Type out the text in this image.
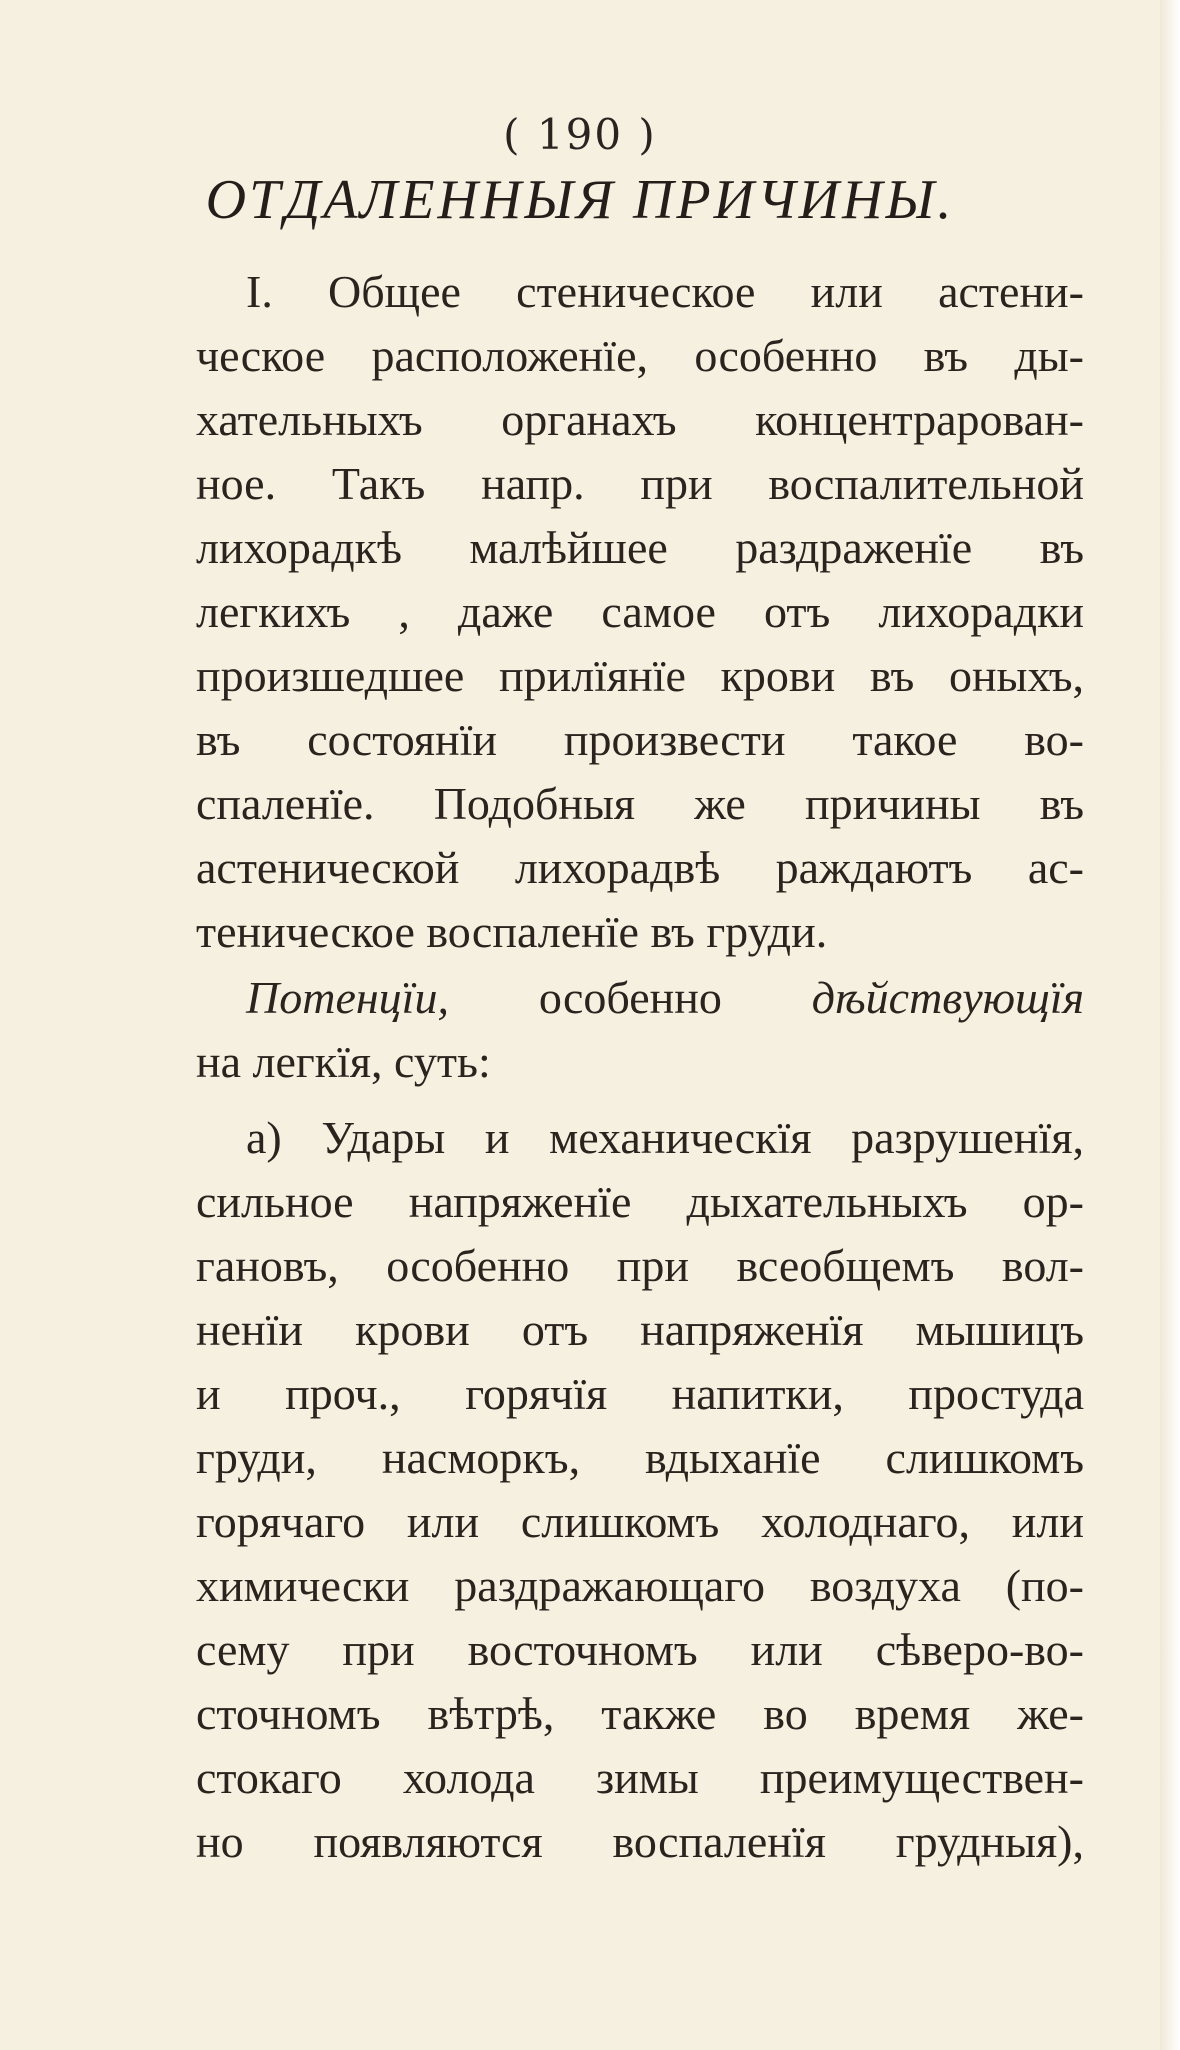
( 190 )
ОТДАЛЕННЫЯ ПРИЧИНЫ.
I. Общее стеническое или астени-
ческое расположенїе, особенно въ ды-
хательныхъ органахъ концентрарован-
ное. Такъ напр. при воспалительной
лихорадкѣ малѣйшее раздраженїе въ
легкихъ , даже самое отъ лихорадки
произшедшее прилїянїе крови въ оныхъ,
въ состоянїи произвести такое во-
спаленїе. Подобныя же причины въ
астенической лихорадвѣ раждаютъ ас-
теническое воспаленїе въ груди.
Потенцїи, особенно дѣйствующїя
на легкїя, суть:
а) Удары и механическїя разрушенїя,
сильное напряженїе дыхательныхъ ор-
гановъ, особенно при всеобщемъ вол-
ненїи крови отъ напряженїя мышицъ
и проч., горячїя напитки, простуда
груди, насморкъ, вдыханїе слишкомъ
горячаго или слишкомъ холоднаго, или
химически раздражающаго воздуха (по-
сему при восточномъ или сѣверо-во-
сточномъ вѣтрѣ, также во время же-
стокаго холода зимы преимуществен-
но появляются воспаленїя грудныя),
